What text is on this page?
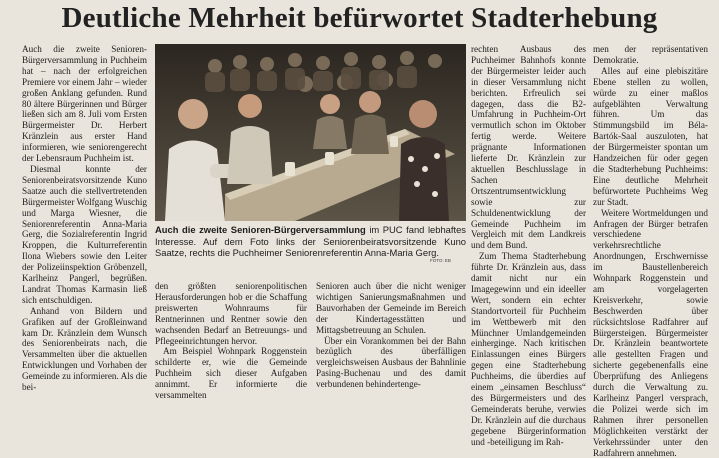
Deutliche Mehrheit befürwortet Stadterhebung

Auch die zweite Senioren-Bürgerversammlung in Puchheim hat – nach der erfolgreichen Premiere vor einem Jahr – wieder großen Anklang gefunden. Rund 80 ältere Bürgerinnen und Bürger ließen sich am 8. Juli vom Ersten Bürgermeister Dr. Herbert Kränzlein aus erster Hand informieren, wie seniorengerecht der Lebensraum Puchheim ist.

Diesmal konnte der Seniorenbeiratsvorsitzende Kuno Saatze auch die stellvertretenden Bürgermeister Wolfgang Wuschig und Marga Wiesner, die Seniorenreferentin Anna-Maria Gerg, die Sozialreferentin Ingrid Kroppen, die Kulturreferentin Ilona Wiebers sowie den Leiter der Polizeiinspektion Gröbenzell, Karlheinz Pangerl, begrüßen. Landrat Thomas Karmasin ließ sich entschuldigen.

Anhand von Bildern und Grafiken auf der Großleinwand kam Dr. Kränzlein dem Wunsch des Seniorenbeirats nach, die Versammelten über die aktuellen Entwicklungen und Vorhaben der Gemeinde zu informieren. Als die bei-

Auch die zweite Senioren-Bürgerversammlung im PUC fand lebhaftes Interesse. Auf dem Foto links der Seniorenbeiratsvorsitzende Kuno Saatze, rechts die Puchheimer Seniorenreferentin Anna-Maria Gerg.
FOTO: EB

den größten seniorenpolitischen Herausforderungen hob er die Schaffung preiswerten Wohnraums für Rentnerinnen und Rentner sowie den wachsenden Bedarf an Betreuungs- und Pflegeeinrichtungen hervor.

Am Beispiel Wohnpark Roggenstein schilderte er, wie die Gemeinde Puchheim sich dieser Aufgaben annimmt. Er informierte die versammelten

Senioren auch über die nicht weniger wichtigen Sanierungsmaßnahmen und Bauvorhaben der Gemeinde im Bereich der Kindertagesstätten und Mittagsbetreuung an Schulen.

Über ein Vorankommen bei der Bahn bezüglich des überfälligen vergleichsweisen Ausbaus der Bahnlinie Pasing-Buchenau und des damit verbundenen behindertenge-

rechten Ausbaus des Puchheimer Bahnhofs konnte der Bürgermeister leider auch in dieser Versammlung nicht berichten. Erfreulich sei dagegen, dass die B2-Umfahrung in Puchheim-Ort vermutlich schon im Oktober fertig werde. Weitere prägnante Informationen lieferte Dr. Kränzlein zur aktuellen Beschlusslage in Sachen Ortszentrumsentwicklung sowie zur Schuldenentwicklung der Gemeinde Puchheim im Vergleich mit dem Landkreis und dem Bund.

Zum Thema Stadterhebung führte Dr. Kränzlein aus, dass damit nicht nur ein Imagegewinn und ein ideeller Wert, sondern ein echter Standortvorteil für Puchheim im Wettbewerb mit den Münchner Umlandgemeinden einherginge. Nach kritischen Einlassungen eines Bürgers gegen eine Stadterhebung Puchheims, die überdies auf einem „einsamen Beschluss“ des Bürgermeisters und des Gemeinderats beruhe, verwies Dr. Kränzlein auf die durchaus gegebene Bürgerinformation und -beteiligung im Rah-

men der repräsentativen Demokratie.

Alles auf eine plebiszitäre Ebene stellen zu wollen, würde zu einer maßlos aufgeblähten Verwaltung führen. Um das Stimmungsbild im Béla-Bartók-Saal auszuloten, hat der Bürgermeister spontan um Handzeichen für oder gegen die Stadterhebung Puchheims: Eine deutliche Mehrheit befürwortete Puchheims Weg zur Stadt.

Weitere Wortmeldungen und Anfragen der Bürger betrafen verschiedene verkehrsrechtliche Anordnungen, Erschwernisse im Baustellenbereich Wohnpark Roggenstein und am vorgelagerten Kreisverkehr, sowie Beschwerden über rücksichtslose Radfahrer auf Bürgersteigen. Bürgermeister Dr. Kränzlein beantwortete alle gestellten Fragen und sicherte gegebenenfalls eine Überprüfung des Anliegens durch die Verwaltung zu. Karlheinz Pangerl versprach, die Polizei werde sich im Rahmen ihrer personellen Möglichkeiten verstärkt der Verkehrssünder unter den Radfahrern annehmen.
